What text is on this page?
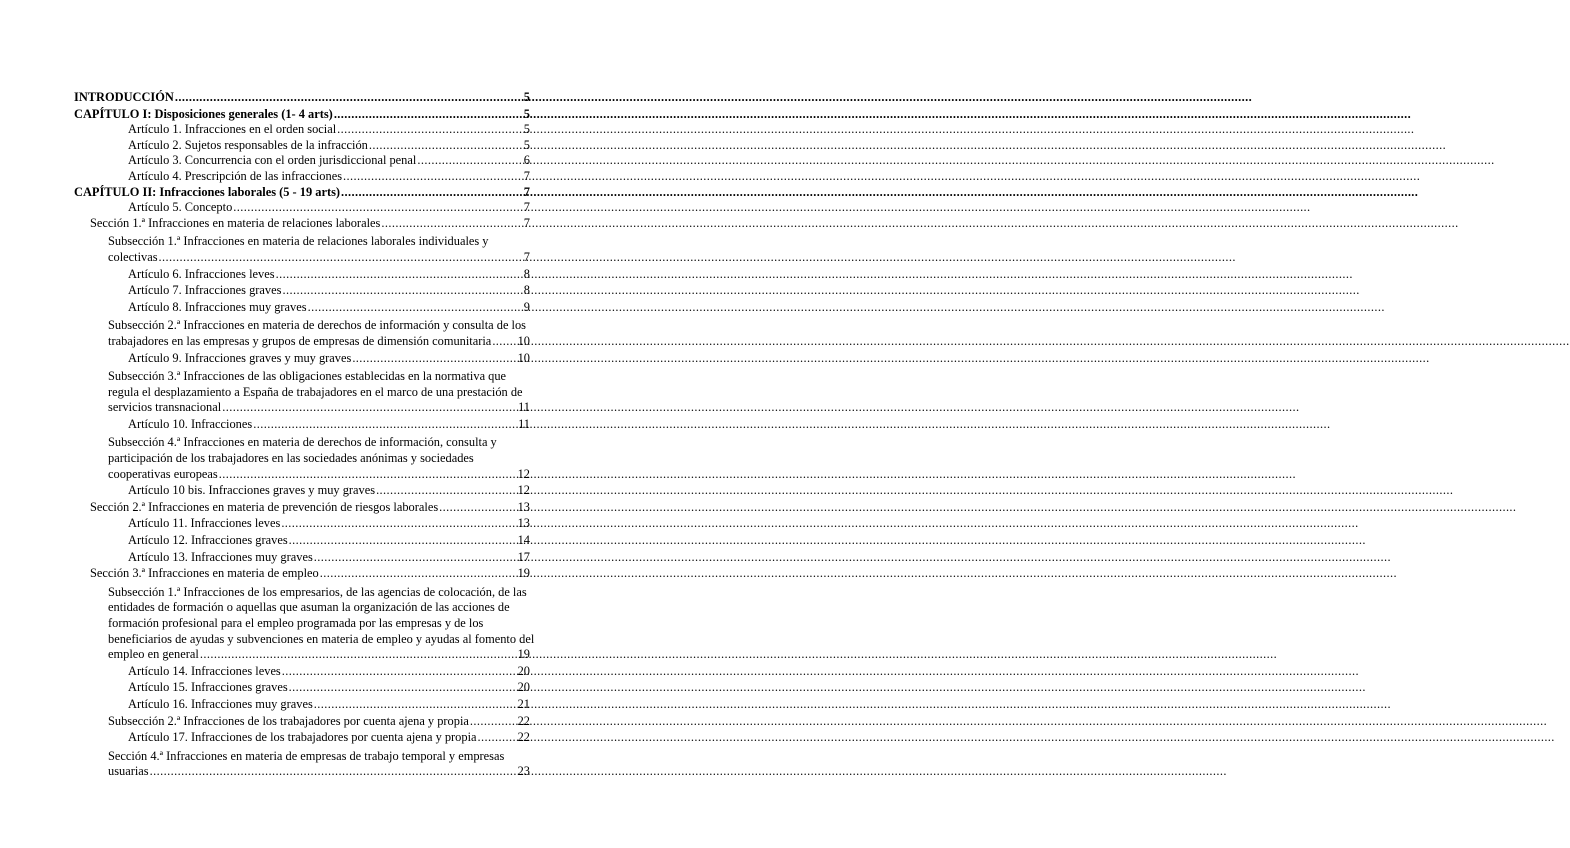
INTRODUCCIÓN .....	5
CAPÍTULO I: Disposiciones generales (1- 4 arts) .....	5
Artículo 1. Infracciones en el orden social .....	5
Artículo 2. Sujetos responsables de la infracción .....	5
Artículo 3. Concurrencia con el orden jurisdiccional penal .....	6
Artículo 4. Prescripción de las infracciones .....	7
CAPÍTULO II: Infracciones laborales (5 - 19 arts) .....	7
Artículo 5. Concepto .....	7
Sección 1.ª Infracciones en materia de relaciones laborales .....	7
Subsección 1.ª Infracciones en materia de relaciones laborales individuales y
colectivas .....	7
Artículo 6. Infracciones leves .....	8
Artículo 7. Infracciones graves .....	8
Artículo 8. Infracciones muy graves .....	9
Subsección 2.ª Infracciones en materia de derechos de información y consulta de los
trabajadores en las empresas y grupos de empresas de dimensión comunitaria ..... 10
Artículo 9. Infracciones graves y muy graves .....	10
Subsección 3.ª Infracciones de las obligaciones establecidas en la normativa que
regula el desplazamiento a España de trabajadores en el marco de una prestación de
servicios transnacional .....	11
Artículo 10. Infracciones .....	11
Subsección 4.ª Infracciones en materia de derechos de información, consulta y
participación de los trabajadores en las sociedades anónimas y sociedades
cooperativas europeas .....	12
Artículo 10 bis. Infracciones graves y muy graves .....	12
Sección 2.ª Infracciones en materia de prevención de riesgos laborales .....	13
Artículo 11. Infracciones leves .....	13
Artículo 12. Infracciones graves .....	14
Artículo 13. Infracciones muy graves .....	17
Sección 3.ª Infracciones en materia de empleo .....	19
Subsección 1.ª Infracciones de los empresarios, de las agencias de colocación, de las
entidades de formación o aquellas que asuman la organización de las acciones de
formación profesional para el empleo programada por las empresas y de los
beneficiarios de ayudas y subvenciones en materia de empleo y ayudas al fomento del
empleo en general .....	19
Artículo 14. Infracciones leves .....	20
Artículo 15. Infracciones graves .....	20
Artículo 16. Infracciones muy graves .....	21
Subsección 2.ª Infracciones de los trabajadores por cuenta ajena y propia .....	22
Artículo 17. Infracciones de los trabajadores por cuenta ajena y propia .....	22
Sección 4.ª Infracciones en materia de empresas de trabajo temporal y empresas
usuarias .....	23
